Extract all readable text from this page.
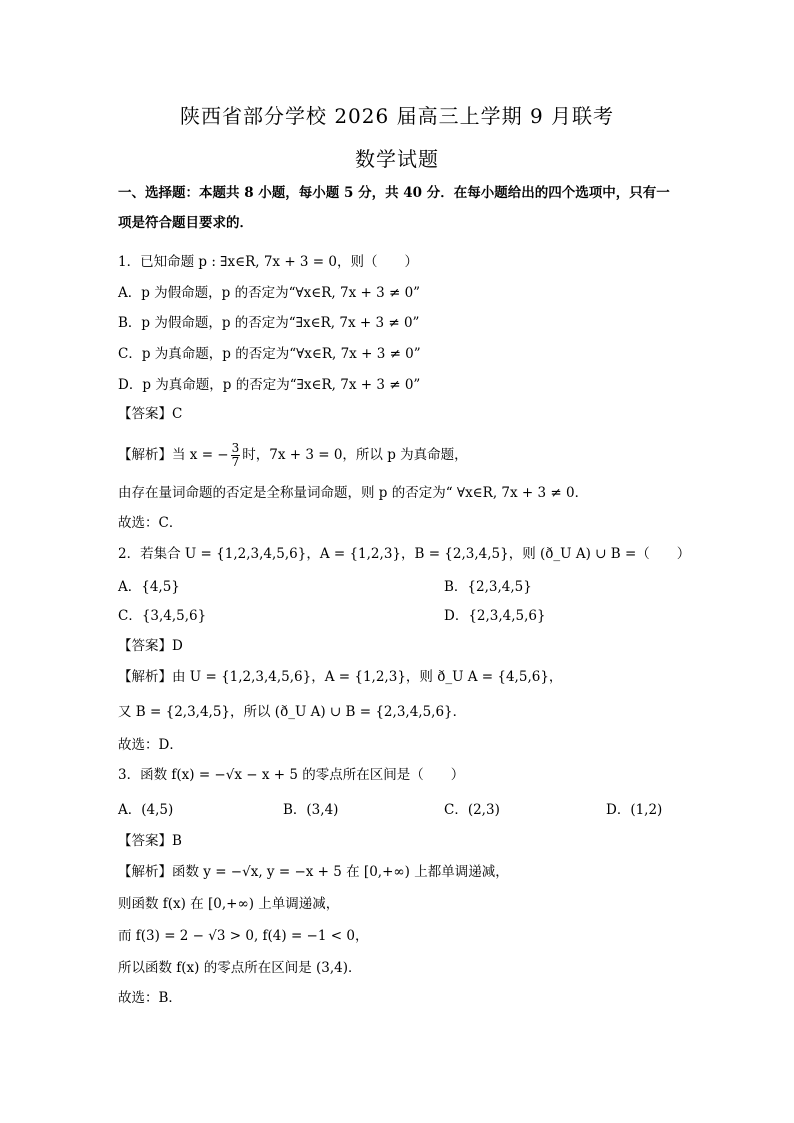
陕西省部分学校 2026 届高三上学期 9 月联考
数学试题
一、选择题：本题共 8 小题，每小题 5 分，共 40 分．在每小题给出的四个选项中，只有一
项是符合题目要求的．
1．已知命题 p : ∃x∈R, 7x + 3 = 0，则（　　）
A．p 为假命题，p 的否定为“∀x∈R, 7x + 3 ≠ 0”
B．p 为假命题，p 的否定为“∃x∈R, 7x + 3 ≠ 0”
C．p 为真命题，p 的否定为“∀x∈R, 7x + 3 ≠ 0”
D．p 为真命题，p 的否定为“∃x∈R, 7x + 3 ≠ 0”
【答案】C
【解析】当 x = − $\frac{3}{7}$ 时，7x + 3 = 0，所以 p 为真命题，
由存在量词命题的否定是全称量词命题，则 p 的否定为“ ∀x∈R, 7x + 3 ≠ 0．
故选：C．
2．若集合 U = {1,2,3,4,5,6}，A = {1,2,3}，B = {2,3,4,5}，则 (ð_U A) ∪ B =（　　）
A．{4,5}	B．{2,3,4,5}
C．{3,4,5,6}	D．{2,3,4,5,6}
【答案】D
【解析】由 U = {1,2,3,4,5,6}，A = {1,2,3}，则 ð_U A = {4,5,6}，
又 B = {2,3,4,5}，所以 (ð_U A) ∪ B = {2,3,4,5,6}．
故选：D．
3．函数 f(x) = −√x − x + 5 的零点所在区间是（　　）
A．(4,5)	B．(3,4)	C．(2,3)	D．(1,2)
【答案】B
【解析】函数 y = −√x, y = −x + 5 在 [0,+∞) 上都单调递减，
则函数 f(x) 在 [0,+∞) 上单调递减，
而 f(3) = 2 − √3 > 0, f(4) = −1 < 0，
所以函数 f(x) 的零点所在区间是 (3,4)．
故选：B．
